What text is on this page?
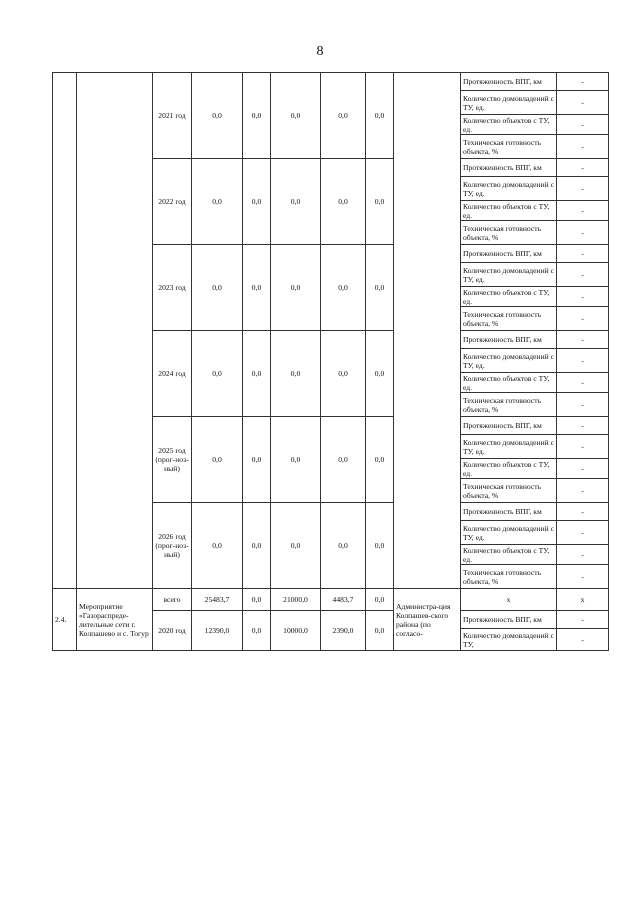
8
		2021 год	0,0	0,0	0,0	0,0	0,0		Протяженность ВПГ, км	-
									Количество домовладений с ТУ, ед.	-
									Количество объектов с ТУ, ед.	-
									Техническая готовность объекта, %	-
		2022 год	0,0	0,0	0,0	0,0	0,0		Протяженность ВПГ, км	-
									Количество домовладений с ТУ, ед.	-
									Количество объектов с ТУ, ед.	-
									Техническая готовность объекта, %	-
		2023 год	0,0	0,0	0,0	0,0	0,0		Протяженность ВПГ, км	-
									Количество домовладений с ТУ, ед.	-
									Количество объектов с ТУ, ед.	-
									Техническая готовность объекта, %	-
		2024 год	0,0	0,0	0,0	0,0	0,0		Протяженность ВПГ, км	-
									Количество домовладений с ТУ, ед.	-
									Количество объектов с ТУ, ед.	-
									Техническая готовность объекта, %	-
		2025 год (прог-ноз-ный)	0,0	0,0	0,0	0,0	0,0		Протяженность ВПГ, км	-
									Количество домовладений с ТУ, ед.	-
									Количество объектов с ТУ, ед.	-
									Техническая готовность объекта, %	-
		2026 год (прог-ноз-ный)	0,0	0,0	0,0	0,0	0,0		Протяженность ВПГ, км	-
									Количество домовладений с ТУ, ед.	-
									Количество объектов с ТУ, ед.	-
									Техническая готовность объекта, %	-
2.4.	Мероприятие «Газораспреде-лительные сети г. Колпашево и с. Тогур	всего	25483,7	0,0	21000,0	4483,7	0,0	Администра-ция Колпашев-ского района (по согласо-	х	х
		2020 год	12390,0	0,0	10000,0	2390,0	0,0		Протяженность ВПГ, км	-
									Количество домовладений с ТУ,	-
